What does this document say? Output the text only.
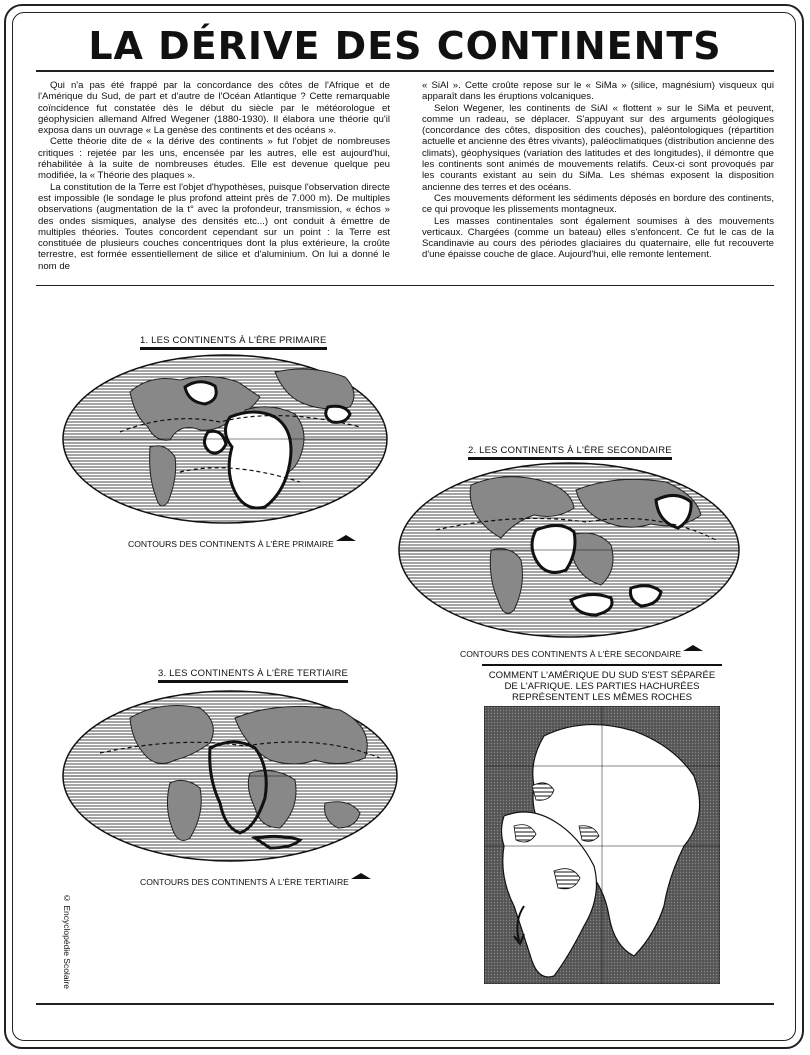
LA DÉRIVE DES CONTINENTS

Qui n'a pas été frappé par la concordance des côtes de l'Afrique et de l'Amérique du Sud, de part et d'autre de l'Océan Atlantique ? Cette remarquable coïncidence fut constatée dès le début du siècle par le météorologue et géophysicien allemand Alfred Wegener (1880-1930). Il élabora une théorie qu'il exposa dans un ouvrage « La genèse des continents et des océans ».

Cette théorie dite de « la dérive des continents » fut l'objet de nombreuses critiques : rejetée par les uns, encensée par les autres, elle est aujourd'hui, réhabilitée à la suite de nombreuses études. Elle est devenue quelque peu modifiée, la « Théorie des plaques ».

La constitution de la Terre est l'objet d'hypothèses, puisque l'observation directe est impossible (le sondage le plus profond atteint près de 7.000 m). De multiples observations (augmentation de la t° avec la profondeur, transmission, « échos » des ondes sismiques, analyse des densités etc...) ont conduit à émettre de multiples théories. Toutes concordent cependant sur un point : la Terre est constituée de plusieurs couches concentriques dont la plus extérieure, la croûte terrestre, est formée essentiellement de silice et d'aluminium. On lui a donné le nom de

« SiAl ». Cette croûte repose sur le « SiMa » (silice, magnésium) visqueux qui apparaît dans les éruptions volcaniques.

Selon Wegener, les continents de SiAl « flottent » sur le SiMa et peuvent, comme un radeau, se déplacer. S'appuyant sur des arguments géologiques (concordance des côtes, disposition des couches), paléontologiques (répartition actuelle et ancienne des êtres vivants), paléoclimatiques (distribution ancienne des climats), géophysiques (variation des latitudes et des longitudes), il démontre que les continents sont animés de mouvements relatifs. Ceux-ci sont provoqués par les courants existant au sein du SiMa. Les shémas exposent la disposition ancienne des terres et des océans.

Ces mouvements déforment les sédiments déposés en bordure des continents, ce qui provoque les plissements montagneux.

Les masses continentales sont également soumises à des mouvements verticaux. Chargées (comme un bateau) elles s'enfoncent. Ce fut le cas de la Scandinavie au cours des périodes glaciaires du quaternaire, elle fut recouverte d'une épaisse couche de glace. Aujourd'hui, elle remonte lentement.

1. LES CONTINENTS À L'ÈRE PRIMAIRE
CONTOURS DES CONTINENTS À L'ÈRE PRIMAIRE
2. LES CONTINENTS À L'ÈRE SECONDAIRE
CONTOURS DES CONTINENTS À L'ÈRE SECONDAIRE
3. LES CONTINENTS À L'ÈRE TERTIAIRE
CONTOURS DES CONTINENTS À L'ÈRE TERTIAIRE
COMMENT L'AMÉRIQUE DU SUD S'EST SÉPARÉE DE L'AFRIQUE. LES PARTIES HACHURÉES REPRÉSENTENT LES MÊMES ROCHES
© Encyclopédie Scolaire
